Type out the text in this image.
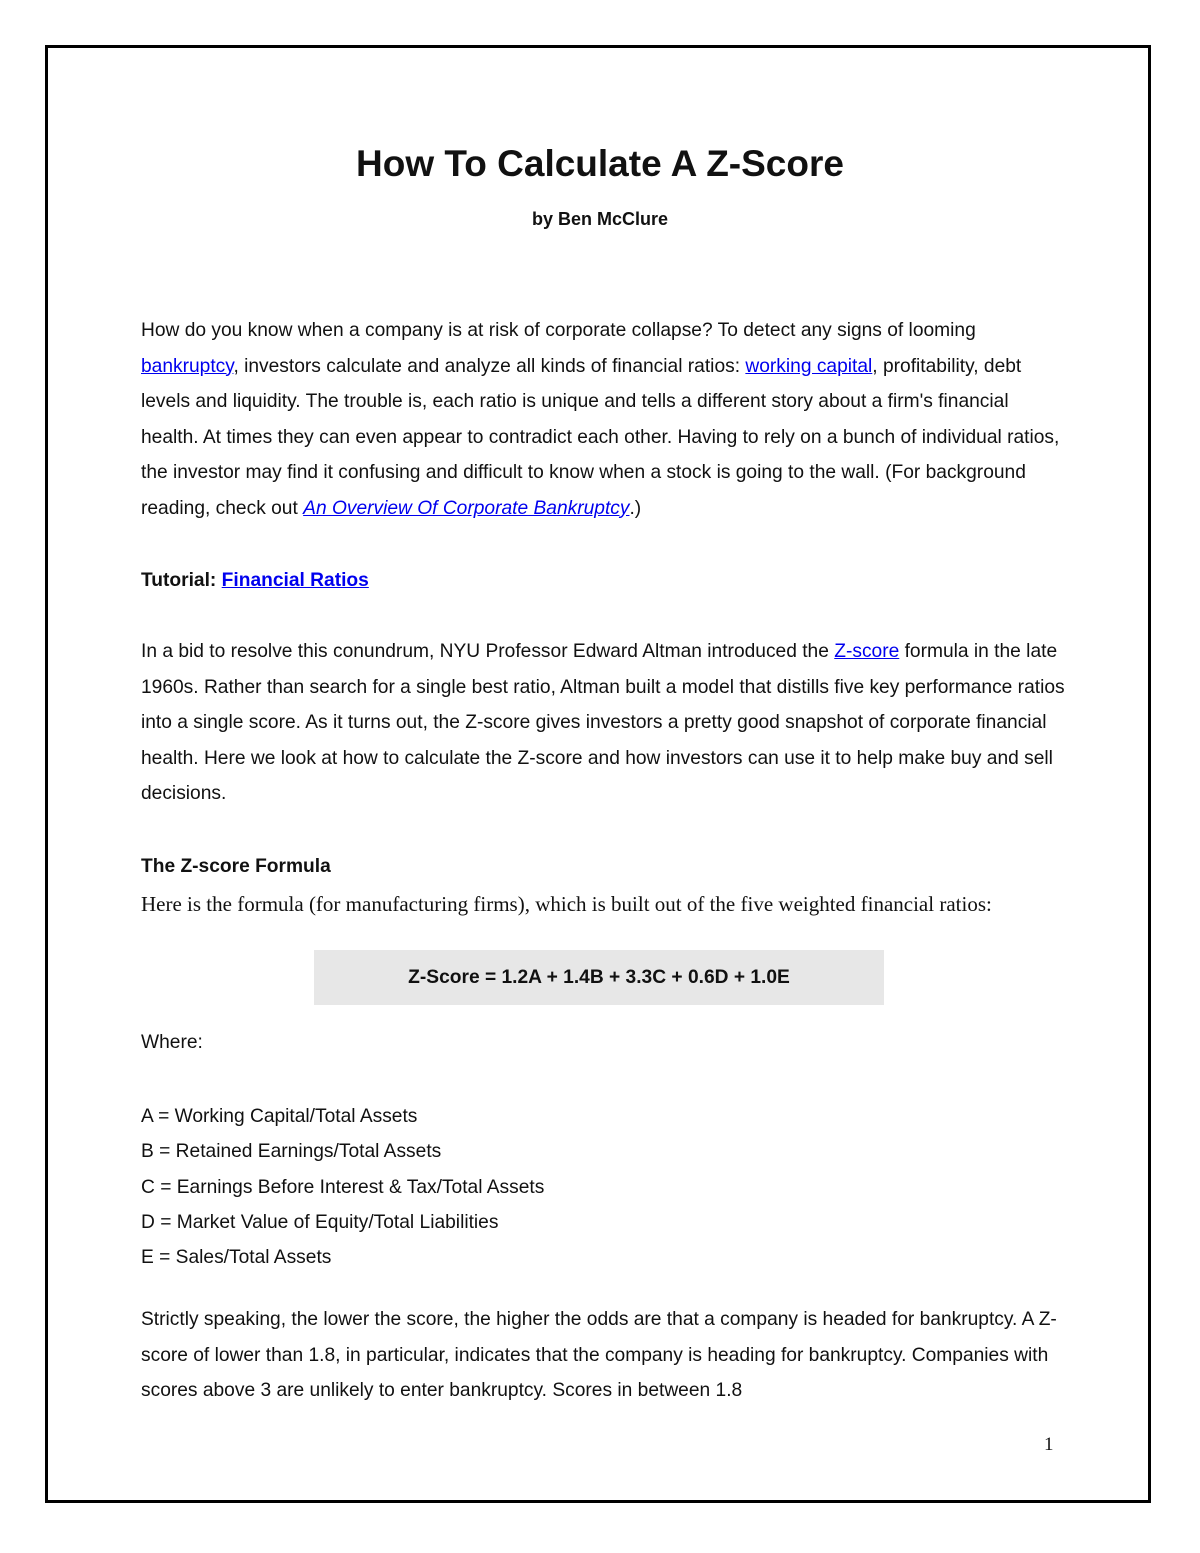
How To Calculate A Z-Score

by Ben McClure

How do you know when a company is at risk of corporate collapse? To detect any signs of looming bankruptcy, investors calculate and analyze all kinds of financial ratios: working capital, profitability, debt levels and liquidity. The trouble is, each ratio is unique and tells a different story about a firm's financial health. At times they can even appear to contradict each other. Having to rely on a bunch of individual ratios, the investor may find it confusing and difficult to know when a stock is going to the wall. (For background reading, check out An Overview Of Corporate Bankruptcy.)

Tutorial: Financial Ratios

In a bid to resolve this conundrum, NYU Professor Edward Altman introduced the Z-score formula in the late 1960s. Rather than search for a single best ratio, Altman built a model that distills five key performance ratios into a single score. As it turns out, the Z-score gives investors a pretty good snapshot of corporate financial health. Here we look at how to calculate the Z-score and how investors can use it to help make buy and sell decisions.

The Z-score Formula

Here is the formula (for manufacturing firms), which is built out of the five weighted financial ratios:

Z-Score = 1.2A + 1.4B + 3.3C + 0.6D + 1.0E

Where:

A = Working Capital/Total Assets
B = Retained Earnings/Total Assets
C = Earnings Before Interest & Tax/Total Assets
D = Market Value of Equity/Total Liabilities
E = Sales/Total Assets

Strictly speaking, the lower the score, the higher the odds are that a company is headed for bankruptcy. A Z-score of lower than 1.8, in particular, indicates that the company is heading for bankruptcy. Companies with scores above 3 are unlikely to enter bankruptcy. Scores in between 1.8

1
